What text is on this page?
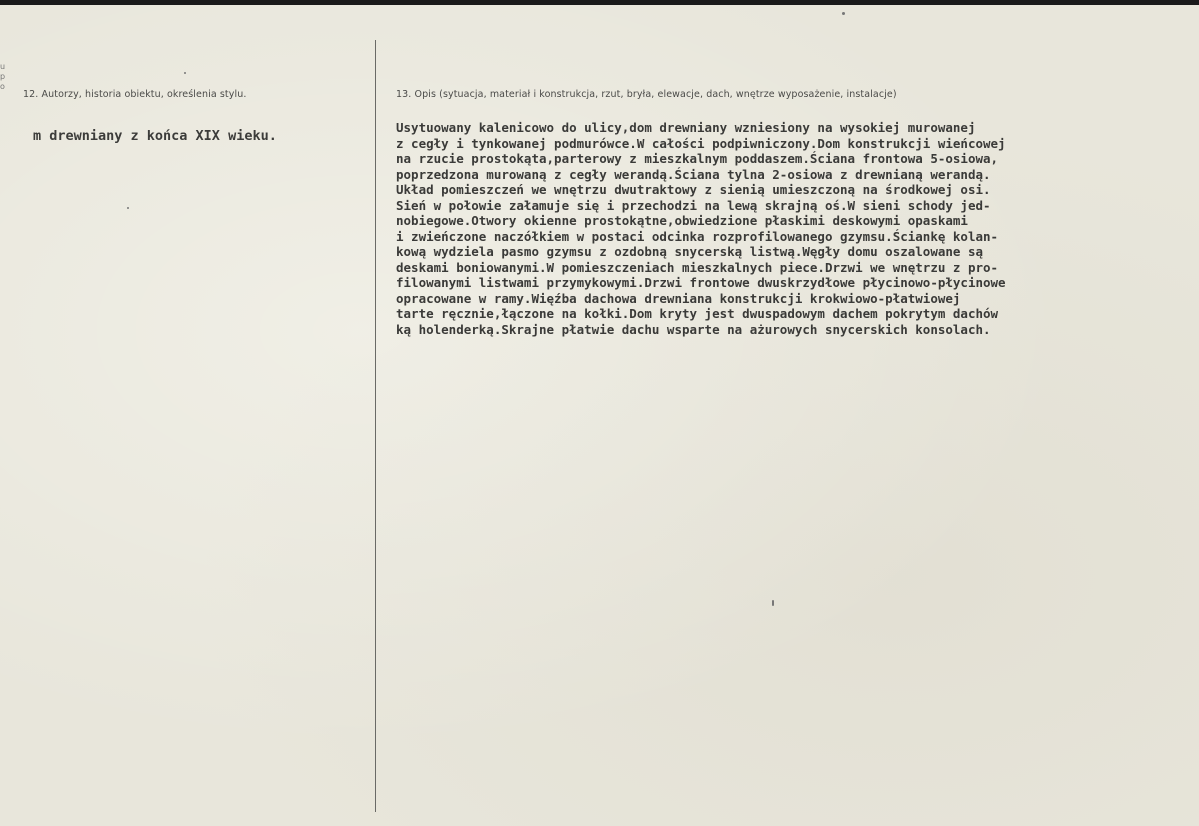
u
p
o
12. Autorzy, historia obiektu, określenia stylu.	13. Opis (sytuacja, materiał i konstrukcja, rzut, bryła, elewacje, dach, wnętrze wyposażenie, instalacje)
m drewniany z końca XIX wieku.
Usytuowany kalenicowo do ulicy,dom drewniany wzniesiony na wysokiej murowanej
z cegły i tynkowanej podmurówce.W całości podpiwniczony.Dom konstrukcji wieńcowej
na rzucie prostokąta,parterowy z mieszkalnym poddaszem.Ściana frontowa 5-osiowa,
poprzedzona murowaną z cegły werandą.Ściana tylna 2-osiowa z drewnianą werandą.
Układ pomieszczeń we wnętrzu dwutraktowy z sienią umieszczoną na środkowej osi.
Sień w połowie załamuje się i przechodzi na lewą skrajną oś.W sieni schody jed-
nobiegowe.Otwory okienne prostokątne,obwiedzione płaskimi deskowymi opaskami
i zwieńczone naczółkiem w postaci odcinka rozprofilowanego gzymsu.Ściankę kolan-
kową wydziela pasmo gzymsu z ozdobną snycerską listwą.Węgły domu oszalowane są
deskami boniowanymi.W pomieszczeniach mieszkalnych piece.Drzwi we wnętrzu z pro-
filowanymi listwami przymykowymi.Drzwi frontowe dwuskrzydłowe płycinowo-płycinowe
opracowane w ramy.Więźba dachowa drewniana konstrukcji krokwiowo-płatwiowej
tarte ręcznie,łączone na kołki.Dom kryty jest dwuspadowym dachem pokrytym dachów
ką holenderką.Skrajne płatwie dachu wsparte na ażurowych snycerskich konsolach.
